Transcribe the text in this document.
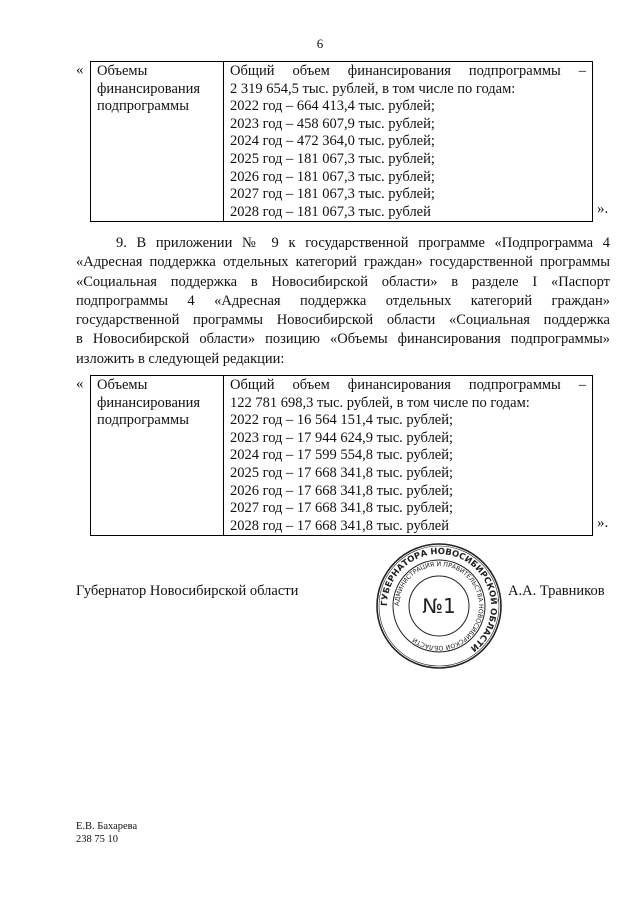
6
« Объемы
финансирования
подпрограммы

Общий объем финансирования подпрограммы –
2 319 654,5 тыс. рублей, в том числе по годам:
2022 год – 664 413,4 тыс. рублей;
2023 год – 458 607,9 тыс. рублей;
2024 год – 472 364,0 тыс. рублей;
2025 год – 181 067,3 тыс. рублей;
2026 год – 181 067,3 тыс. рублей;
2027 год – 181 067,3 тыс. рублей;
2028 год – 181 067,3 тыс. рублей	».
9. В приложении № 9 к государственной программе «Подпрограмма 4
«Адресная поддержка отдельных категорий граждан» государственной программы
«Социальная поддержка в Новосибирской области» в разделе I «Паспорт
подпрограммы 4 «Адресная поддержка отдельных категорий граждан»
государственной программы Новосибирской области «Социальная поддержка
в Новосибирской области» позицию «Объемы финансирования подпрограммы»
изложить в следующей редакции:
« Объемы
финансирования
подпрограммы

Общий объем финансирования подпрограммы –
122 781 698,3 тыс. рублей, в том числе по годам:
2022 год – 16 564 151,4 тыс. рублей;
2023 год – 17 944 624,9 тыс. рублей;
2024 год – 17 599 554,8 тыс. рублей;
2025 год – 17 668 341,8 тыс. рублей;
2026 год – 17 668 341,8 тыс. рублей;
2027 год – 17 668 341,8 тыс. рублей;
2028 год – 17 668 341,8 тыс. рублей	».
Губернатор Новосибирской области
ГУБЕРНАТОРА НОВОСИБИРСКОЙ ОБЛАСТИ
АДМИНИСТРАЦИЯ И ПРАВИТЕЛЬСТВА НОВОСИБИРСКОЙ ОБЛАСТИ
№1
А.А. Травников
Е.В. Бахарева
238 75 10
